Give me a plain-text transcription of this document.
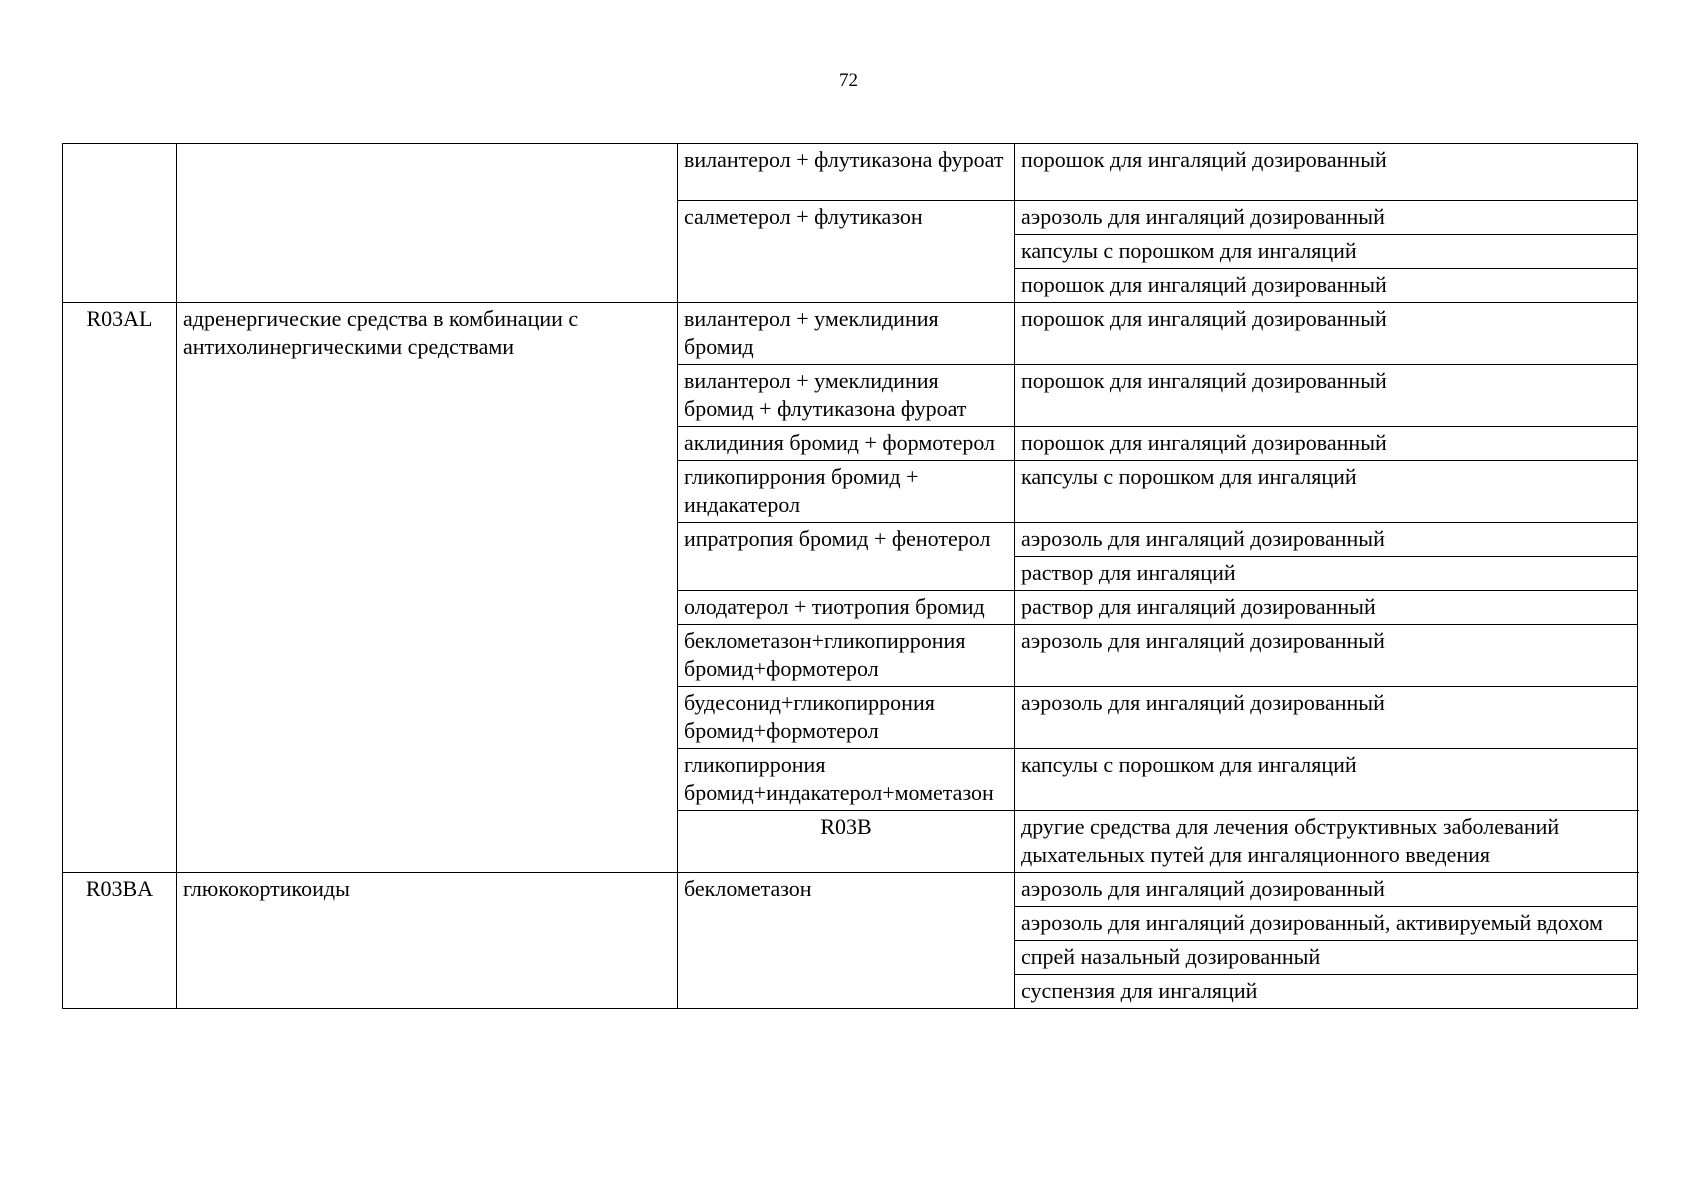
72
		вилантерол + флутиказона фуроат	порошок для ингаляций дозированный
		салметерол + флутиказон	аэрозоль для ингаляций дозированный
			капсулы с порошком для ингаляций
			порошок для ингаляций дозированный
R03AL	адренергические средства в комбинации с антихолинергическими средствами	вилантерол + умеклидиния бромид	порошок для ингаляций дозированный
		вилантерол + умеклидиния бромид + флутиказона фуроат	порошок для ингаляций дозированный
		аклидиния бромид + формотерол	порошок для ингаляций дозированный
		гликопиррония бромид + индакатерол	капсулы с порошком для ингаляций
		ипратропия бромид + фенотерол	аэрозоль для ингаляций дозированный
			раствор для ингаляций
		олодатерол + тиотропия бромид	раствор для ингаляций дозированный
		беклометазон+гликопиррония бромид+формотерол	аэрозоль для ингаляций дозированный
		будесонид+гликопиррония бромид+формотерол	аэрозоль для ингаляций дозированный
		гликопиррония бромид+индакатерол+мометазон	капсулы с порошком для ингаляций
		R03B	другие средства для лечения обструктивных заболеваний дыхательных путей для ингаляционного введения
R03BA	глюкокортикоиды	беклометазон	аэрозоль для ингаляций дозированный
			аэрозоль для ингаляций дозированный, активируемый вдохом
			спрей назальный дозированный
			суспензия для ингаляций
